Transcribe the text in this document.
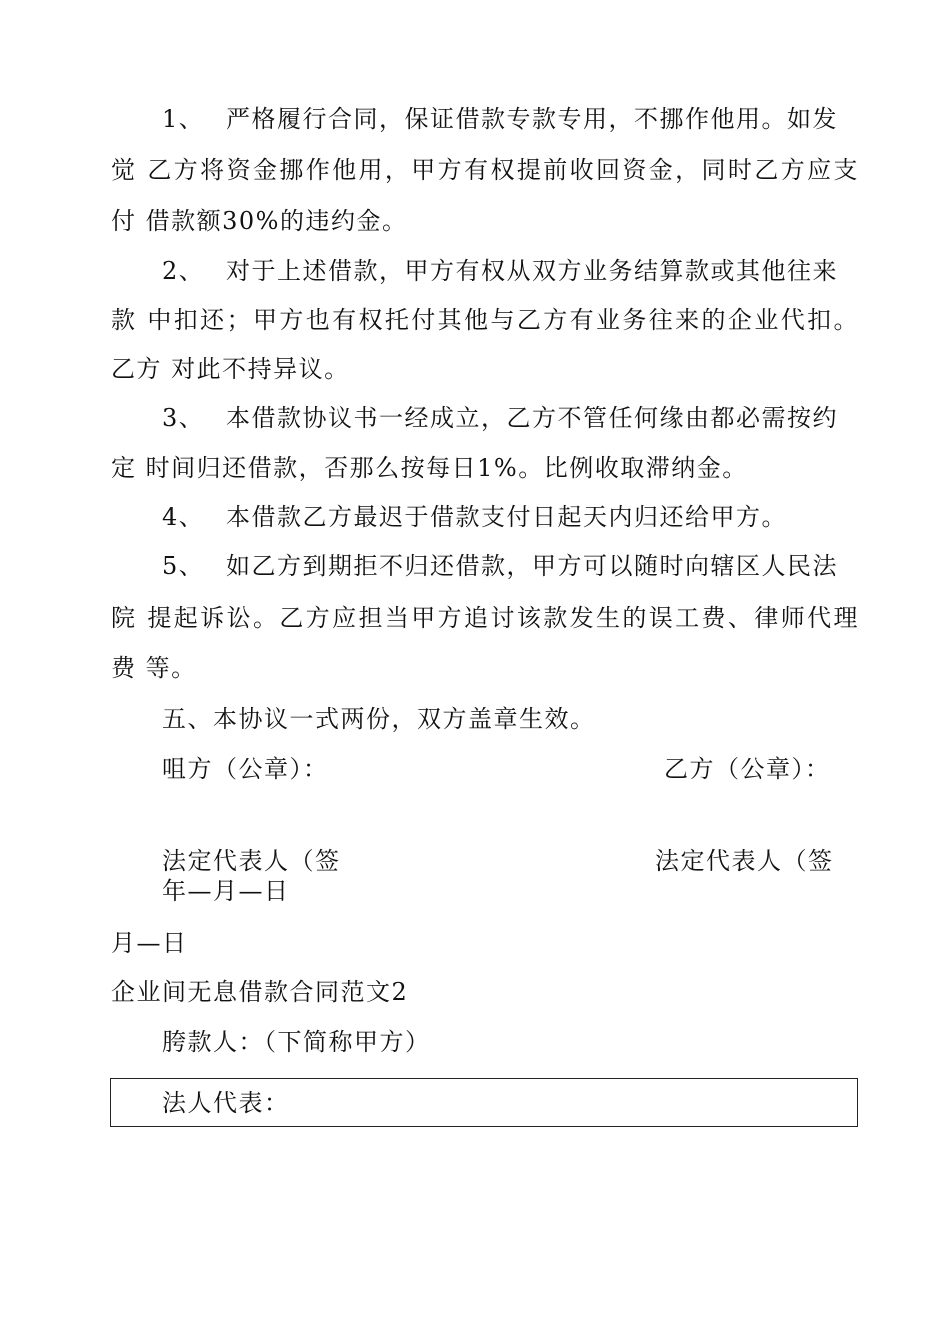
1、 严格履行合同，保证借款专款专用，不挪作他用。如发
觉 乙方将资金挪作他用，甲方有权提前收回资金，同时乙方应支
付 借款额30%的违约金。
2、 对于上述借款，甲方有权从双方业务结算款或其他往来
款 中扣还；甲方也有权托付其他与乙方有业务往来的企业代扣。
乙方 对此不持异议。
3、 本借款协议书一经成立，乙方不管任何缘由都必需按约
定 时间归还借款，否那么按每日1%。比例收取滞纳金。
4、 本借款乙方最迟于借款支付日起天内归还给甲方。
5、 如乙方到期拒不归还借款，甲方可以随时向辖区人民法
院 提起诉讼。乙方应担当甲方追讨该款发生的误工费、律师代理
费 等。
五、本协议一式两份，双方盖章生效。
咀方（公章）：	乙方（公章）：
法定代表人（签	法定代表人（签
年—月—日
月—日
企业间无息借款合同范文2
胯款人：（下简称甲方）
法人代表：
